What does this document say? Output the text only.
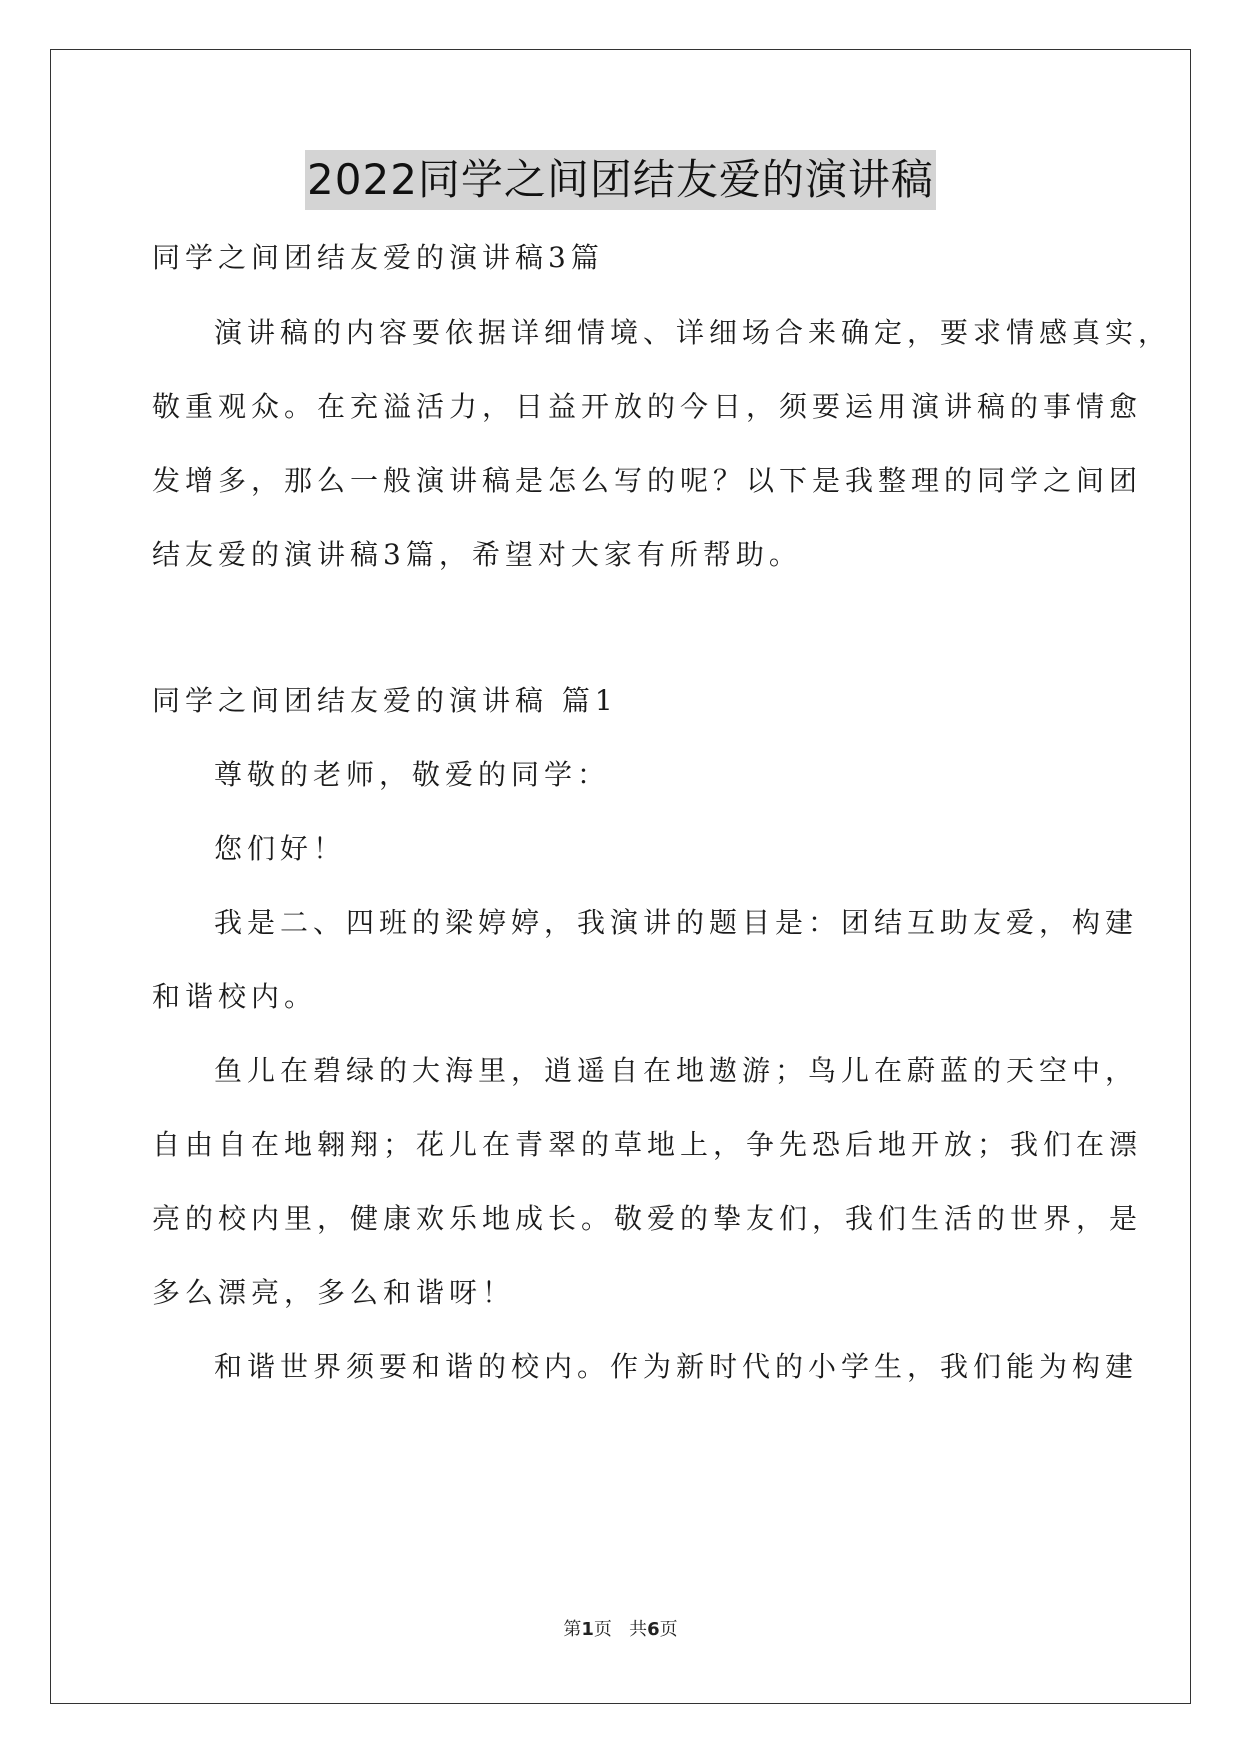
2022同学之间团结友爱的演讲稿
同学之间团结友爱的演讲稿3篇
演讲稿的内容要依据详细情境、详细场合来确定，要求情感真实，
敬重观众。在充溢活力，日益开放的今日，须要运用演讲稿的事情愈
发增多，那么一般演讲稿是怎么写的呢？以下是我整理的同学之间团
结友爱的演讲稿3篇，希望对大家有所帮助。
同学之间团结友爱的演讲稿 篇1
尊敬的老师，敬爱的同学：
您们好！
我是二、四班的梁婷婷，我演讲的题目是：团结互助友爱，构建
和谐校内。
鱼儿在碧绿的大海里，逍遥自在地遨游；鸟儿在蔚蓝的天空中，
自由自在地翱翔；花儿在青翠的草地上，争先恐后地开放；我们在漂
亮的校内里，健康欢乐地成长。敬爱的挚友们，我们生活的世界，是
多么漂亮，多么和谐呀！
和谐世界须要和谐的校内。作为新时代的小学生，我们能为构建
第1页 共6页
